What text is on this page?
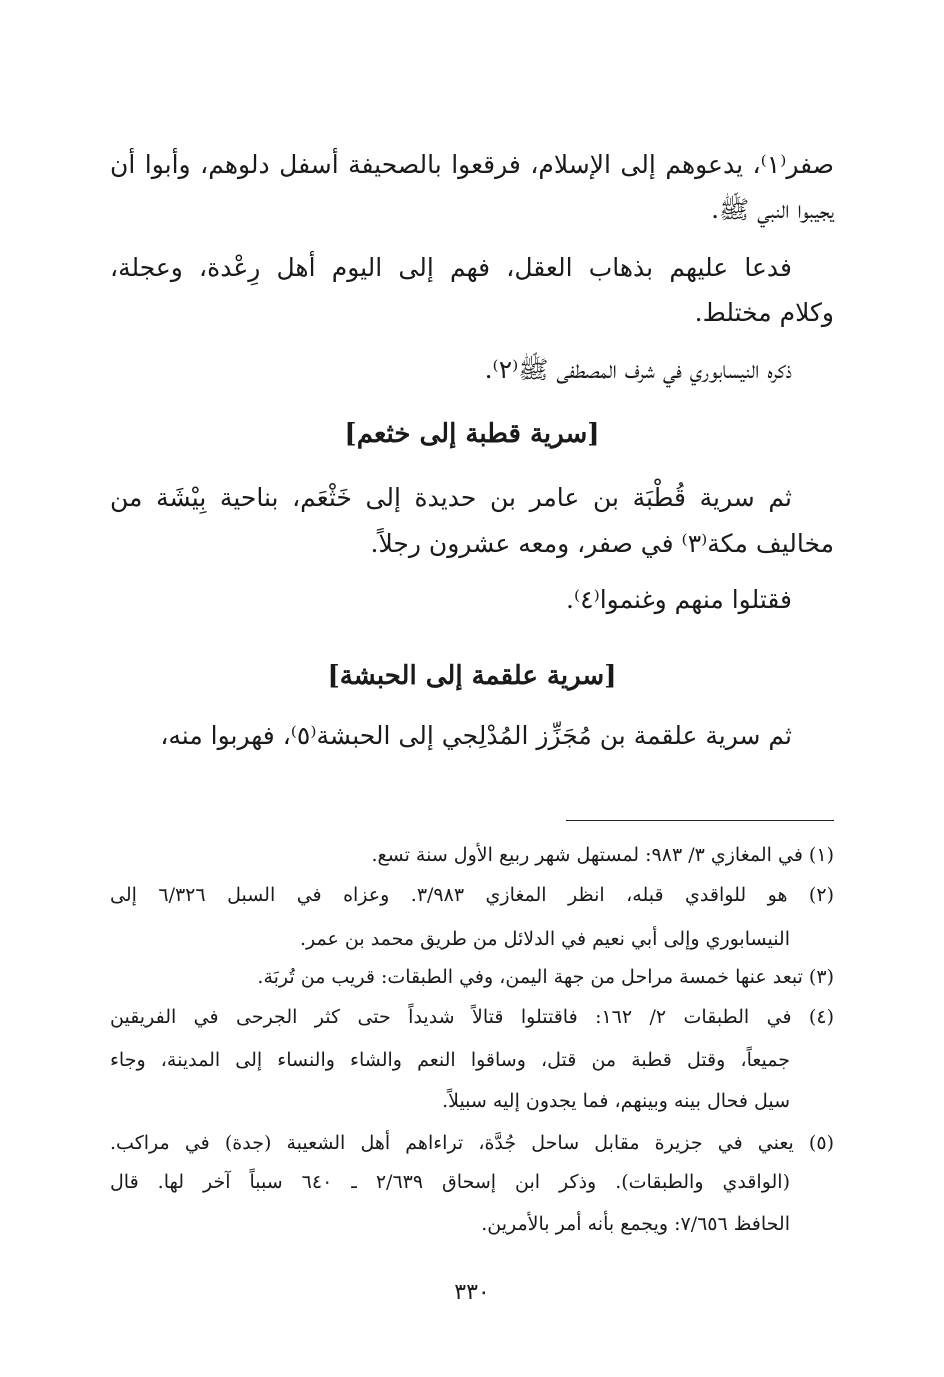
صفر⁽١⁾، يدعوهم إلى الإسلام، فرقعوا بالصحيفة أسفل دلوهم، وأبوا أن
يجيبوا النبي ﷺ.
فدعا عليهم بذهاب العقل، فهم إلى اليوم أهل رِعْدة، وعجلة،
وكلام مختلط.
ذكره النيسابوري في شرف المصطفى ﷺ⁽٢⁾.
[سرية قطبة إلى خثعم]
ثم سرية قُطْبَة بن عامر بن حديدة إلى خَثْعَم، بناحية بِيْشَة من
مخاليف مكة⁽٣⁾ في صفر، ومعه عشرون رجلاً.
فقتلوا منهم وغنموا⁽٤⁾.
[سرية علقمة إلى الحبشة]
ثم سرية علقمة بن مُجَزِّز المُدْلِجي إلى الحبشة⁽٥⁾، فهربوا منه،
(١) في المغازي ٣/ ٩٨٣: لمستهل شهر ربيع الأول سنة تسع.
(٢) هو للواقدي قبله، انظر المغازي ٣/٩٨٣. وعزاه في السبل ٦/٣٢٦ إلى
النيسابوري وإلى أبي نعيم في الدلائل من طريق محمد بن عمر.
(٣) تبعد عنها خمسة مراحل من جهة اليمن، وفي الطبقات: قريب من تُربَة.
(٤) في الطبقات ٢/ ١٦٢: فاقتتلوا قتالاً شديداً حتى كثر الجرحى في الفريقين
جميعاً، وقتل قطبة من قتل، وساقوا النعم والشاء والنساء إلى المدينة، وجاء
سيل فحال بينه وبينهم، فما يجدون إليه سبيلاً.
(٥) يعني في جزيرة مقابل ساحل جُدَّة، تراءاهم أهل الشعيبة (جدة) في مراكب.
(الواقدي والطبقات). وذكر ابن إسحاق ٢/٦٣٩ ـ ٦٤٠ سبباً آخر لها. قال
الحافظ ٧/٦٥٦: ويجمع بأنه أمر بالأمرين.
٣٣٠
